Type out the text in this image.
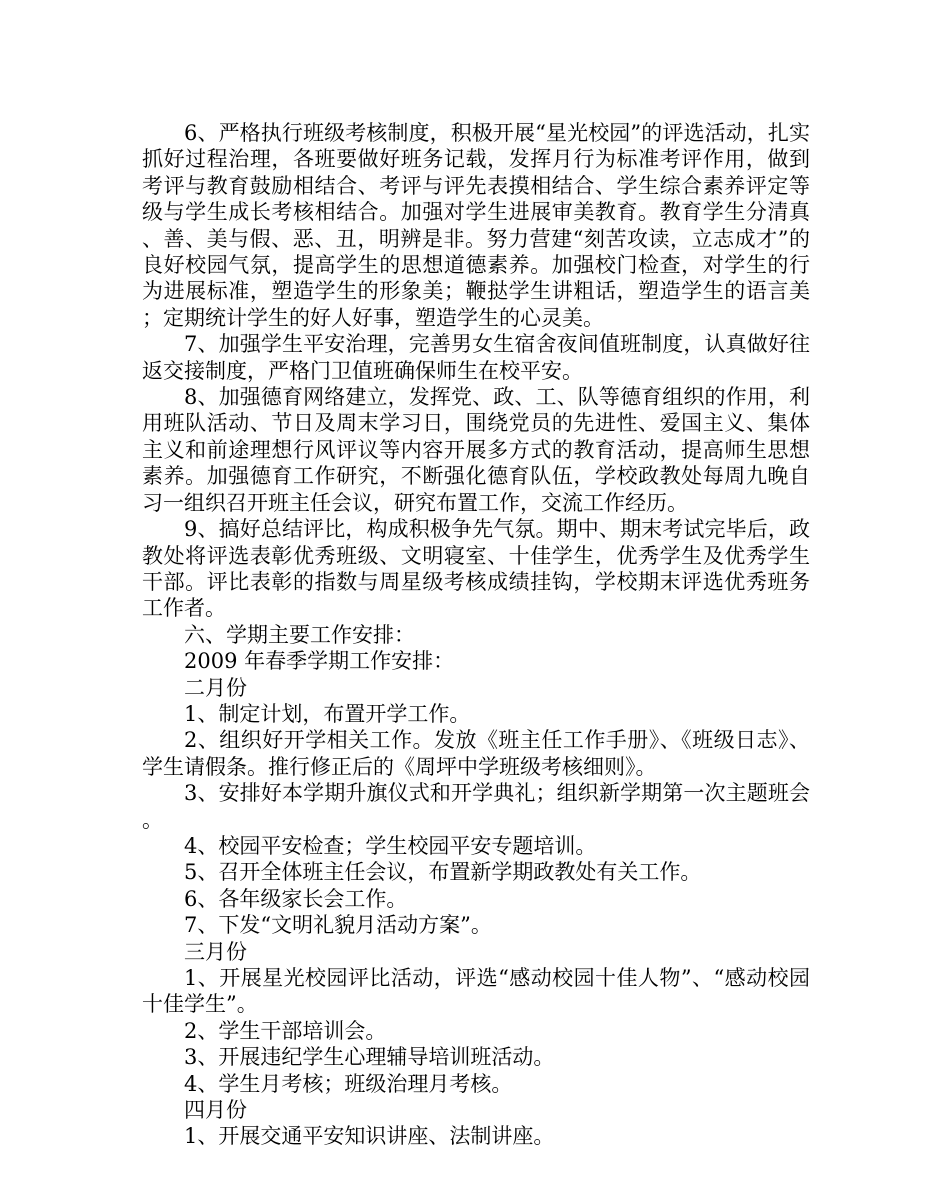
6、严格执行班级考核制度，积极开展“星光校园”的评选活动，扎实抓好过程治理，各班要做好班务记载，发挥月行为标准考评作用，做到考评与教育鼓励相结合、考评与评先表摸相结合、学生综合素养评定等级与学生成长考核相结合。加强对学生进展审美教育。教育学生分清真、善、美与假、恶、丑，明辨是非。努力营建“刻苦攻读，立志成才”的良好校园气氛，提高学生的思想道德素养。加强校门检查，对学生的行为进展标准，塑造学生的形象美；鞭挞学生讲粗话，塑造学生的语言美；定期统计学生的好人好事，塑造学生的心灵美。

7、加强学生平安治理，完善男女生宿舍夜间值班制度，认真做好往返交接制度，严格门卫值班确保师生在校平安。

8、加强德育网络建立，发挥党、政、工、队等德育组织的作用，利用班队活动、节日及周末学习日，围绕党员的先进性、爱国主义、集体主义和前途理想行风评议等内容开展多方式的教育活动，提高师生思想素养。加强德育工作研究，不断强化德育队伍，学校政教处每周九晚自习一组织召开班主任会议，研究布置工作，交流工作经历。

9、搞好总结评比，构成积极争先气氛。期中、期末考试完毕后，政教处将评选表彰优秀班级、文明寝室、十佳学生，优秀学生及优秀学生干部。评比表彰的指数与周星级考核成绩挂钩，学校期末评选优秀班务工作者。

六、学期主要工作安排：

2009 年春季学期工作安排：

二月份

1、制定计划，布置开学工作。

2、组织好开学相关工作。发放《班主任工作手册》、《班级日志》、学生请假条。推行修正后的《周坪中学班级考核细则》。

3、安排好本学期升旗仪式和开学典礼；组织新学期第一次主题班会。

4、校园平安检查；学生校园平安专题培训。

5、召开全体班主任会议，布置新学期政教处有关工作。

6、各年级家长会工作。

7、下发“文明礼貌月活动方案”。

三月份

1、开展星光校园评比活动，评选“感动校园十佳人物”、“感动校园十佳学生”。

2、学生干部培训会。

3、开展违纪学生心理辅导培训班活动。

4、学生月考核；班级治理月考核。

四月份

1、开展交通平安知识讲座、法制讲座。
